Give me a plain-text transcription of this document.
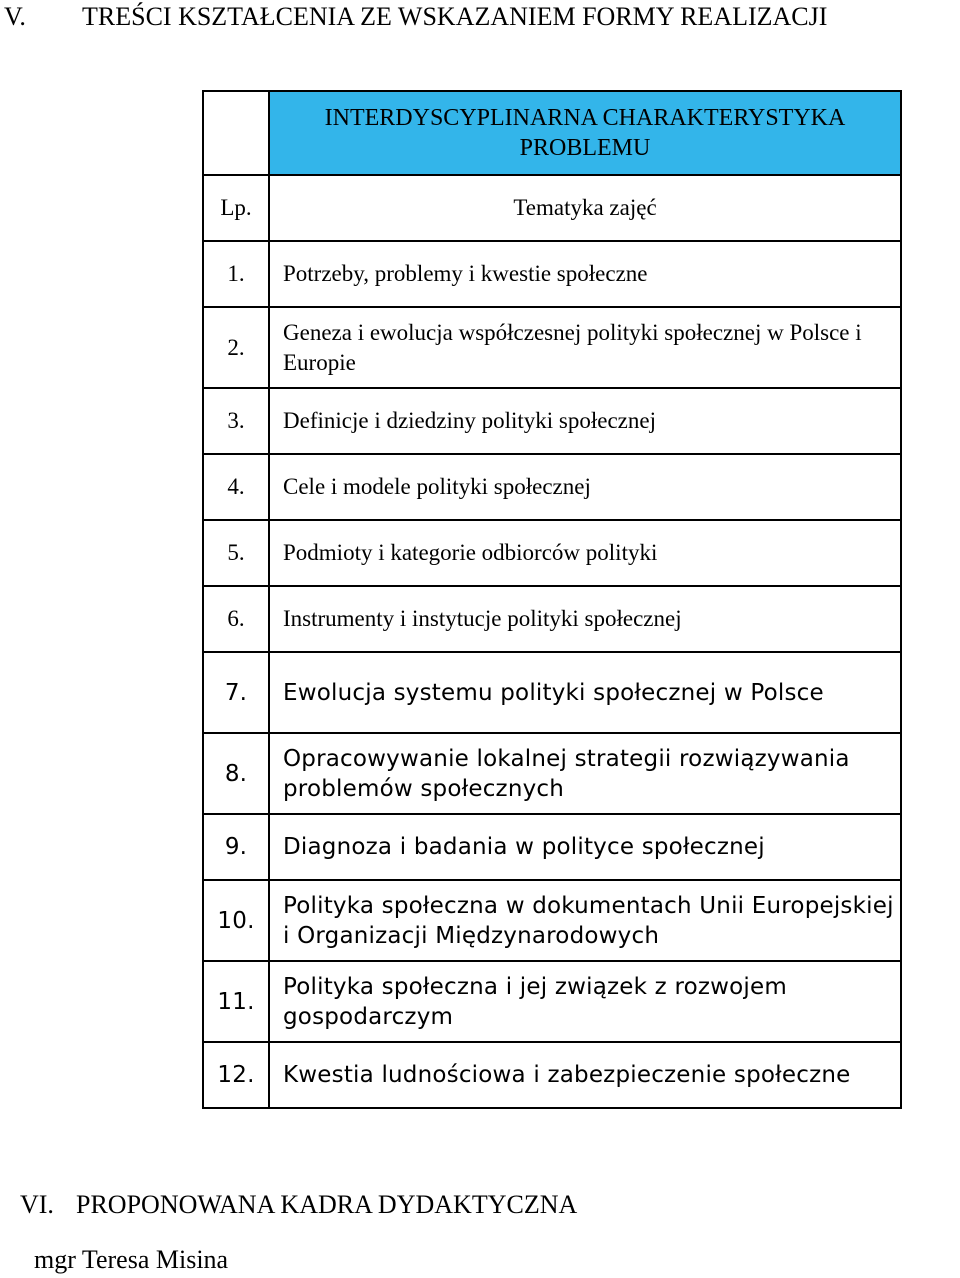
V. TREŚCI KSZTAŁCENIA ZE WSKAZANIEM FORMY REALIZACJI
	INTERDYSCYPLINARNA CHARAKTERYSTYKA PROBLEMU
Lp.	Tematyka zajęć
1.	Potrzeby, problemy i kwestie społeczne
2.	Geneza i ewolucja współczesnej polityki społecznej w Polsce i Europie
3.	Definicje i dziedziny polityki społecznej
4.	Cele i modele polityki społecznej
5.	Podmioty i kategorie odbiorców polityki
6.	Instrumenty i instytucje polityki społecznej
7.	Ewolucja systemu polityki społecznej w Polsce
8.	Opracowywanie lokalnej strategii rozwiązywania problemów społecznych
9.	Diagnoza i badania w polityce społecznej
10.	Polityka społeczna w dokumentach Unii Europejskiej i Organizacji Międzynarodowych
11.	Polityka społeczna i jej związek z rozwojem gospodarczym
12.	Kwestia ludnościowa i zabezpieczenie społeczne
VI. PROPONOWANA KADRA DYDAKTYCZNA
mgr Teresa Misina
